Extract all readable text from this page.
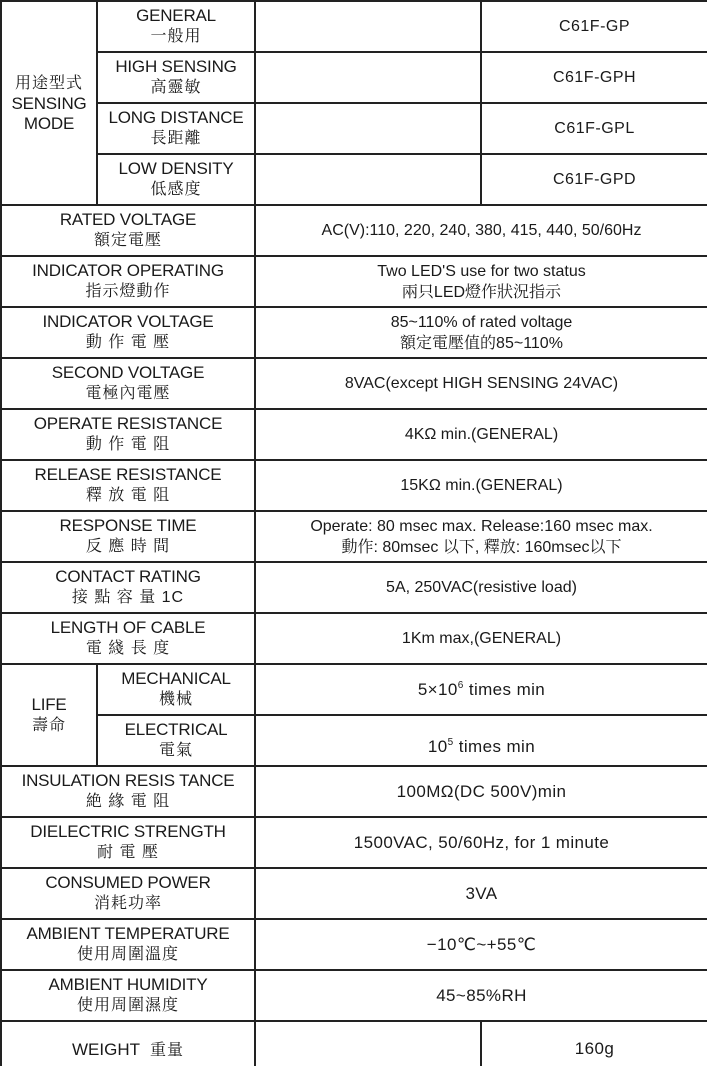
用途型式
SENSING
MODE	GENERAL
一般用		C61F-GP

	HIGH SENSING
高靈敏		C61F-GPH

	LONG DISTANCE
長距離		C61F-GPL

	LOW DENSITY
低感度		C61F-GPD

RATED VOLTAGE
額定電壓		AC(V):110, 220, 240, 380, 415, 440, 50/60Hz	

INDICATOR OPERATING
指示燈動作		Two LED'S use for two status
兩只LED燈作狀況指示	

INDICATOR VOLTAGE
動 作 電 壓		85~110% of rated voltage
額定電壓值的85~110%	

SECOND VOLTAGE
電極內電壓		8VAC(except HIGH SENSING 24VAC)	

OPERATE RESISTANCE
動 作 電 阻		4KΩ min.(GENERAL)	

RELEASE RESISTANCE
釋 放 電 阻		15KΩ min.(GENERAL)	

RESPONSE TIME
反 應 時 間		Operate: 80 msec max. Release:160 msec max.
動作: 80msec 以下, 釋放: 160msec以下	

CONTACT RATING
接 點 容 量 1C		5A, 250VAC(resistive load)	

LENGTH OF CABLE
電 綫 長 度		1Km max,(GENERAL)	

LIFE
壽命	MECHANICAL
機械	$5\times 10^6$ times min	

	ELECTRICAL
電氣	$10^5$ times min	

INSULATION RESIS TANCE
絶 緣 電 阻		100MΩ(DC 500V)min	

DIELECTRIC STRENGTH
耐 電 壓		1500VAC, 50/60Hz, for 1 minute	

CONSUMED POWER
消耗功率		3VA	

AMBIENT TEMPERATURE
使用周圍溫度		−10℃~+55℃	

AMBIENT HUMIDITY
使用周圍濕度		45~85%RH	

WEIGHT 重量			160g
